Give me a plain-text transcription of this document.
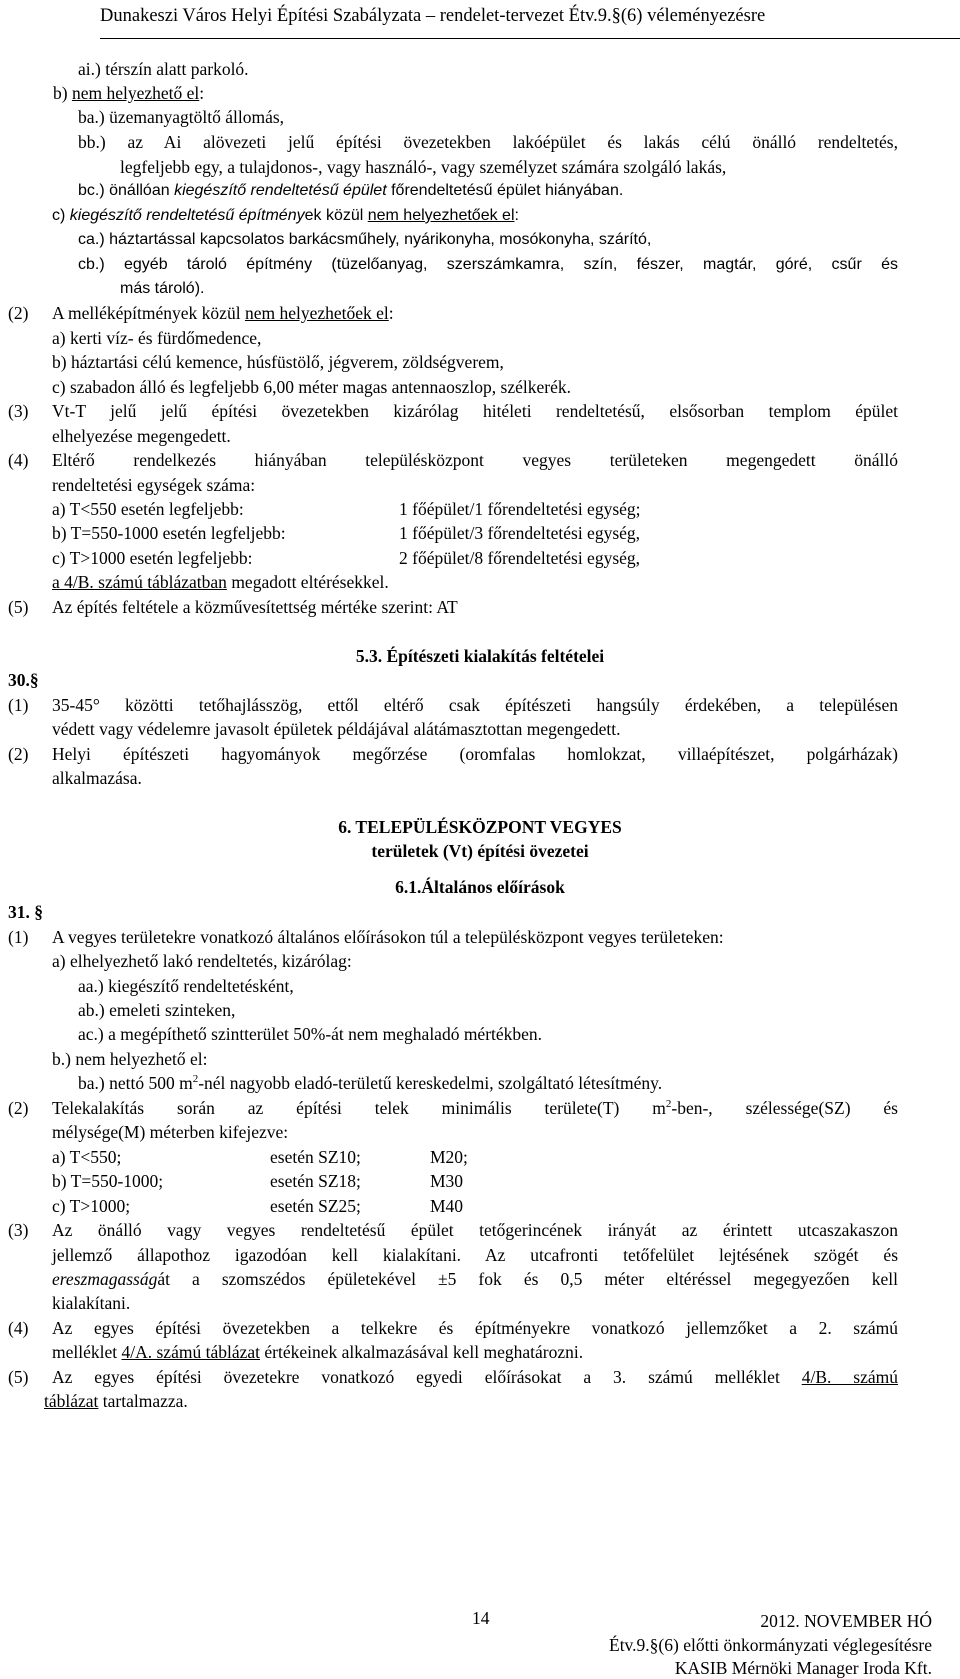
Dunakeszi Város Helyi Építési Szabályzata – rendelet-tervezet Étv.9.§(6) véleményezésre
ai.) térszín alatt parkoló.
b) nem helyezhető el:
ba.) üzemanyagtöltő állomás,
bb.) az Ai alövezeti jelű építési övezetekben lakóépület és lakás célú önálló rendeltetés,
legfeljebb egy, a tulajdonos-, vagy használó-, vagy személyzet számára szolgáló lakás,
bc.) önállóan kiegészítő rendeltetésű épület főrendeltetésű épület hiányában.
c) kiegészítő rendeltetésű építmények közül nem helyezhetőek el:
ca.) háztartással kapcsolatos barkácsműhely, nyárikonyha, mosókonyha, szárító,
cb.) egyéb tároló építmény (tüzelőanyag, szerszámkamra, szín, fészer, magtár, góré, csűr és
más tároló).
(2) A melléképítmények közül nem helyezhetőek el:
a) kerti víz- és fürdőmedence,
b) háztartási célú kemence, húsfüstölő, jégverem, zöldségverem,
c) szabadon álló és legfeljebb 6,00 méter magas antennaoszlop, szélkerék.
(3) Vt-T jelű jelű építési övezetekben kizárólag hitéleti rendeltetésű, elsősorban templom épület
elhelyezése megengedett.
(4) Eltérő rendelkezés hiányában településközpont vegyes területeken megengedett önálló
rendeltetési egységek száma:
a) T<550 esetén legfeljebb:	1 főépület/1 főrendeltetési egység;
b) T=550-1000 esetén legfeljebb:	1 főépület/3 főrendeltetési egység,
c) T>1000 esetén legfeljebb:	2 főépület/8 főrendeltetési egység,
a 4/B. számú táblázatban megadott eltérésekkel.
(5) Az építés feltétele a közművesítettség mértéke szerint: AT
5.3. Építészeti kialakítás feltételei
30.§
(1) 35-45° közötti tetőhajlásszög, ettől eltérő csak építészeti hangsúly érdekében, a településen
védett vagy védelemre javasolt épületek példájával alátámasztottan megengedett.
(2) Helyi építészeti hagyományok megőrzése (oromfalas homlokzat, villaépítészet, polgárházak)
alkalmazása.
6. TELEPÜLÉSKÖZPONT VEGYES
területek (Vt) építési övezetei
6.1.Általános előírások
31. §
(1) A vegyes területekre vonatkozó általános előírásokon túl a településközpont vegyes területeken:
a) elhelyezhető lakó rendeltetés, kizárólag:
aa.) kiegészítő rendeltetésként,
ab.) emeleti szinteken,
ac.) a megépíthető szintterület 50%-át nem meghaladó mértékben.
b.) nem helyezhető el:
ba.) nettó 500 $m^2$-nél nagyobb eladó-területű kereskedelmi, szolgáltató létesítmény.
(2) Telekalakítás során az építési telek minimális területe(T) $m^2-ben-$, szélessége(SZ) és
mélysége(M) méterben kifejezve:
a) T<550;	esetén SZ10;	M20;
b) T=550-1000;	esetén SZ18;	M30
c) T>1000;	esetén SZ25;	M40
(3) Az önálló vagy vegyes rendeltetésű épület tetőgerincének irányát az érintett utcaszakaszon
jellemző állapothoz igazodóan kell kialakítani. Az utcafronti tetőfelület lejtésének szögét és
ereszmagasságát a szomszédos épületekével ±5 fok és 0,5 méter eltéréssel megegyezően kell
kialakítani.
(4) Az egyes építési övezetekben a telkekre és építményekre vonatkozó jellemzőket a 2. számú
melléklet 4/A. számú táblázat értékeinek alkalmazásával kell meghatározni.
(5) Az egyes építési övezetekre vonatkozó egyedi előírásokat a 3. számú melléklet 4/B. számú
táblázat tartalmazza.
14	2012. NOVEMBER HÓ
Étv.9.§(6) előtti önkormányzati véglegesítésre
KASIB Mérnöki Manager Iroda Kft.
